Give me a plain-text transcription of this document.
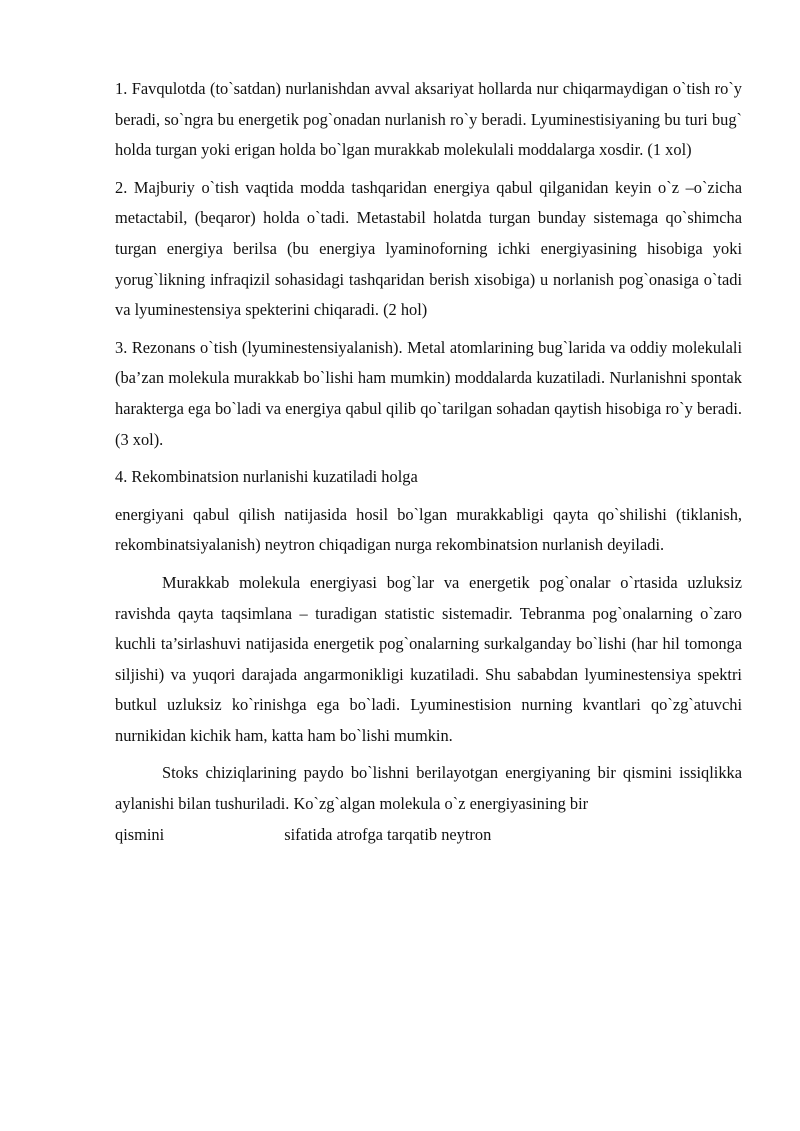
1. Favqulotda (to`satdan) nurlanishdan avval aksariyat hollarda nur chiqarmaydigan o`tish ro`y beradi, so`ngra bu energetik pog`onadan nurlanish ro`y beradi. Lyuminestisiyaning bu turi bug` holda turgan yoki erigan holda bo`lgan murakkab molekulali moddalarga xosdir. (1 xol)

2. Majburiy o`tish vaqtida modda tashqaridan energiya qabul qilganidan keyin o`z –o`zicha metactabil, (beqaror) holda o`tadi. Metastabil holatda turgan bunday sistemaga qo`shimcha turgan energiya berilsa (bu energiya lyaminoforning ichki energiyasining hisobiga yoki yorug`likning infraqizil sohasidagi tashqaridan berish xisobiga) u norlanish pog`onasiga o`tadi va lyuminestensiya spekterini chiqaradi. (2 hol)

3. Rezonans o`tish (lyuminestensiyalanish). Metal atomlarining bug`larida va oddiy molekulali (ba’zan molekula murakkab bo`lishi ham mumkin) moddalarda kuzatiladi. Nurlanishni spontak harakterga ega bo`ladi va energiya qabul qilib qo`tarilgan sohadan qaytish hisobiga ro`y beradi. (3 xol).

4. Rekombinatsion nurlanishi kuzatiladi holga

energiyani qabul qilish natijasida hosil bo`lgan murakkabligi qayta qo`shilishi (tiklanish, rekombinatsiyalanish) neytron chiqadigan nurga rekombinatsion nurlanish deyiladi.

Murakkab molekula energiyasi bog`lar va energetik pog`onalar o`rtasida uzluksiz ravishda qayta taqsimlana – turadigan statistic sistemadir. Tebranma pog`onalarning o`zaro kuchli ta’sirlashuvi natijasida energetik pog`onalarning surkalganday bo`lishi (har hil tomonga siljishi) va yuqori darajada angarmonikligi kuzatiladi. Shu sababdan lyuminestensiya spektri butkul uzluksiz ko`rinishga ega bo`ladi. Lyuminestision nurning kvantlari qo`zg`atuvchi nurnikidan kichik ham, katta ham bo`lishi mumkin.

Stoks chiziqlarining paydo bo`lishni berilayotgan energiyaning bir qismini issiqlikka aylanishi bilan tushuriladi. Ko`zg`algan molekula o`z energiyasining bir

qismini	sifatida atrofga tarqatib neytron
